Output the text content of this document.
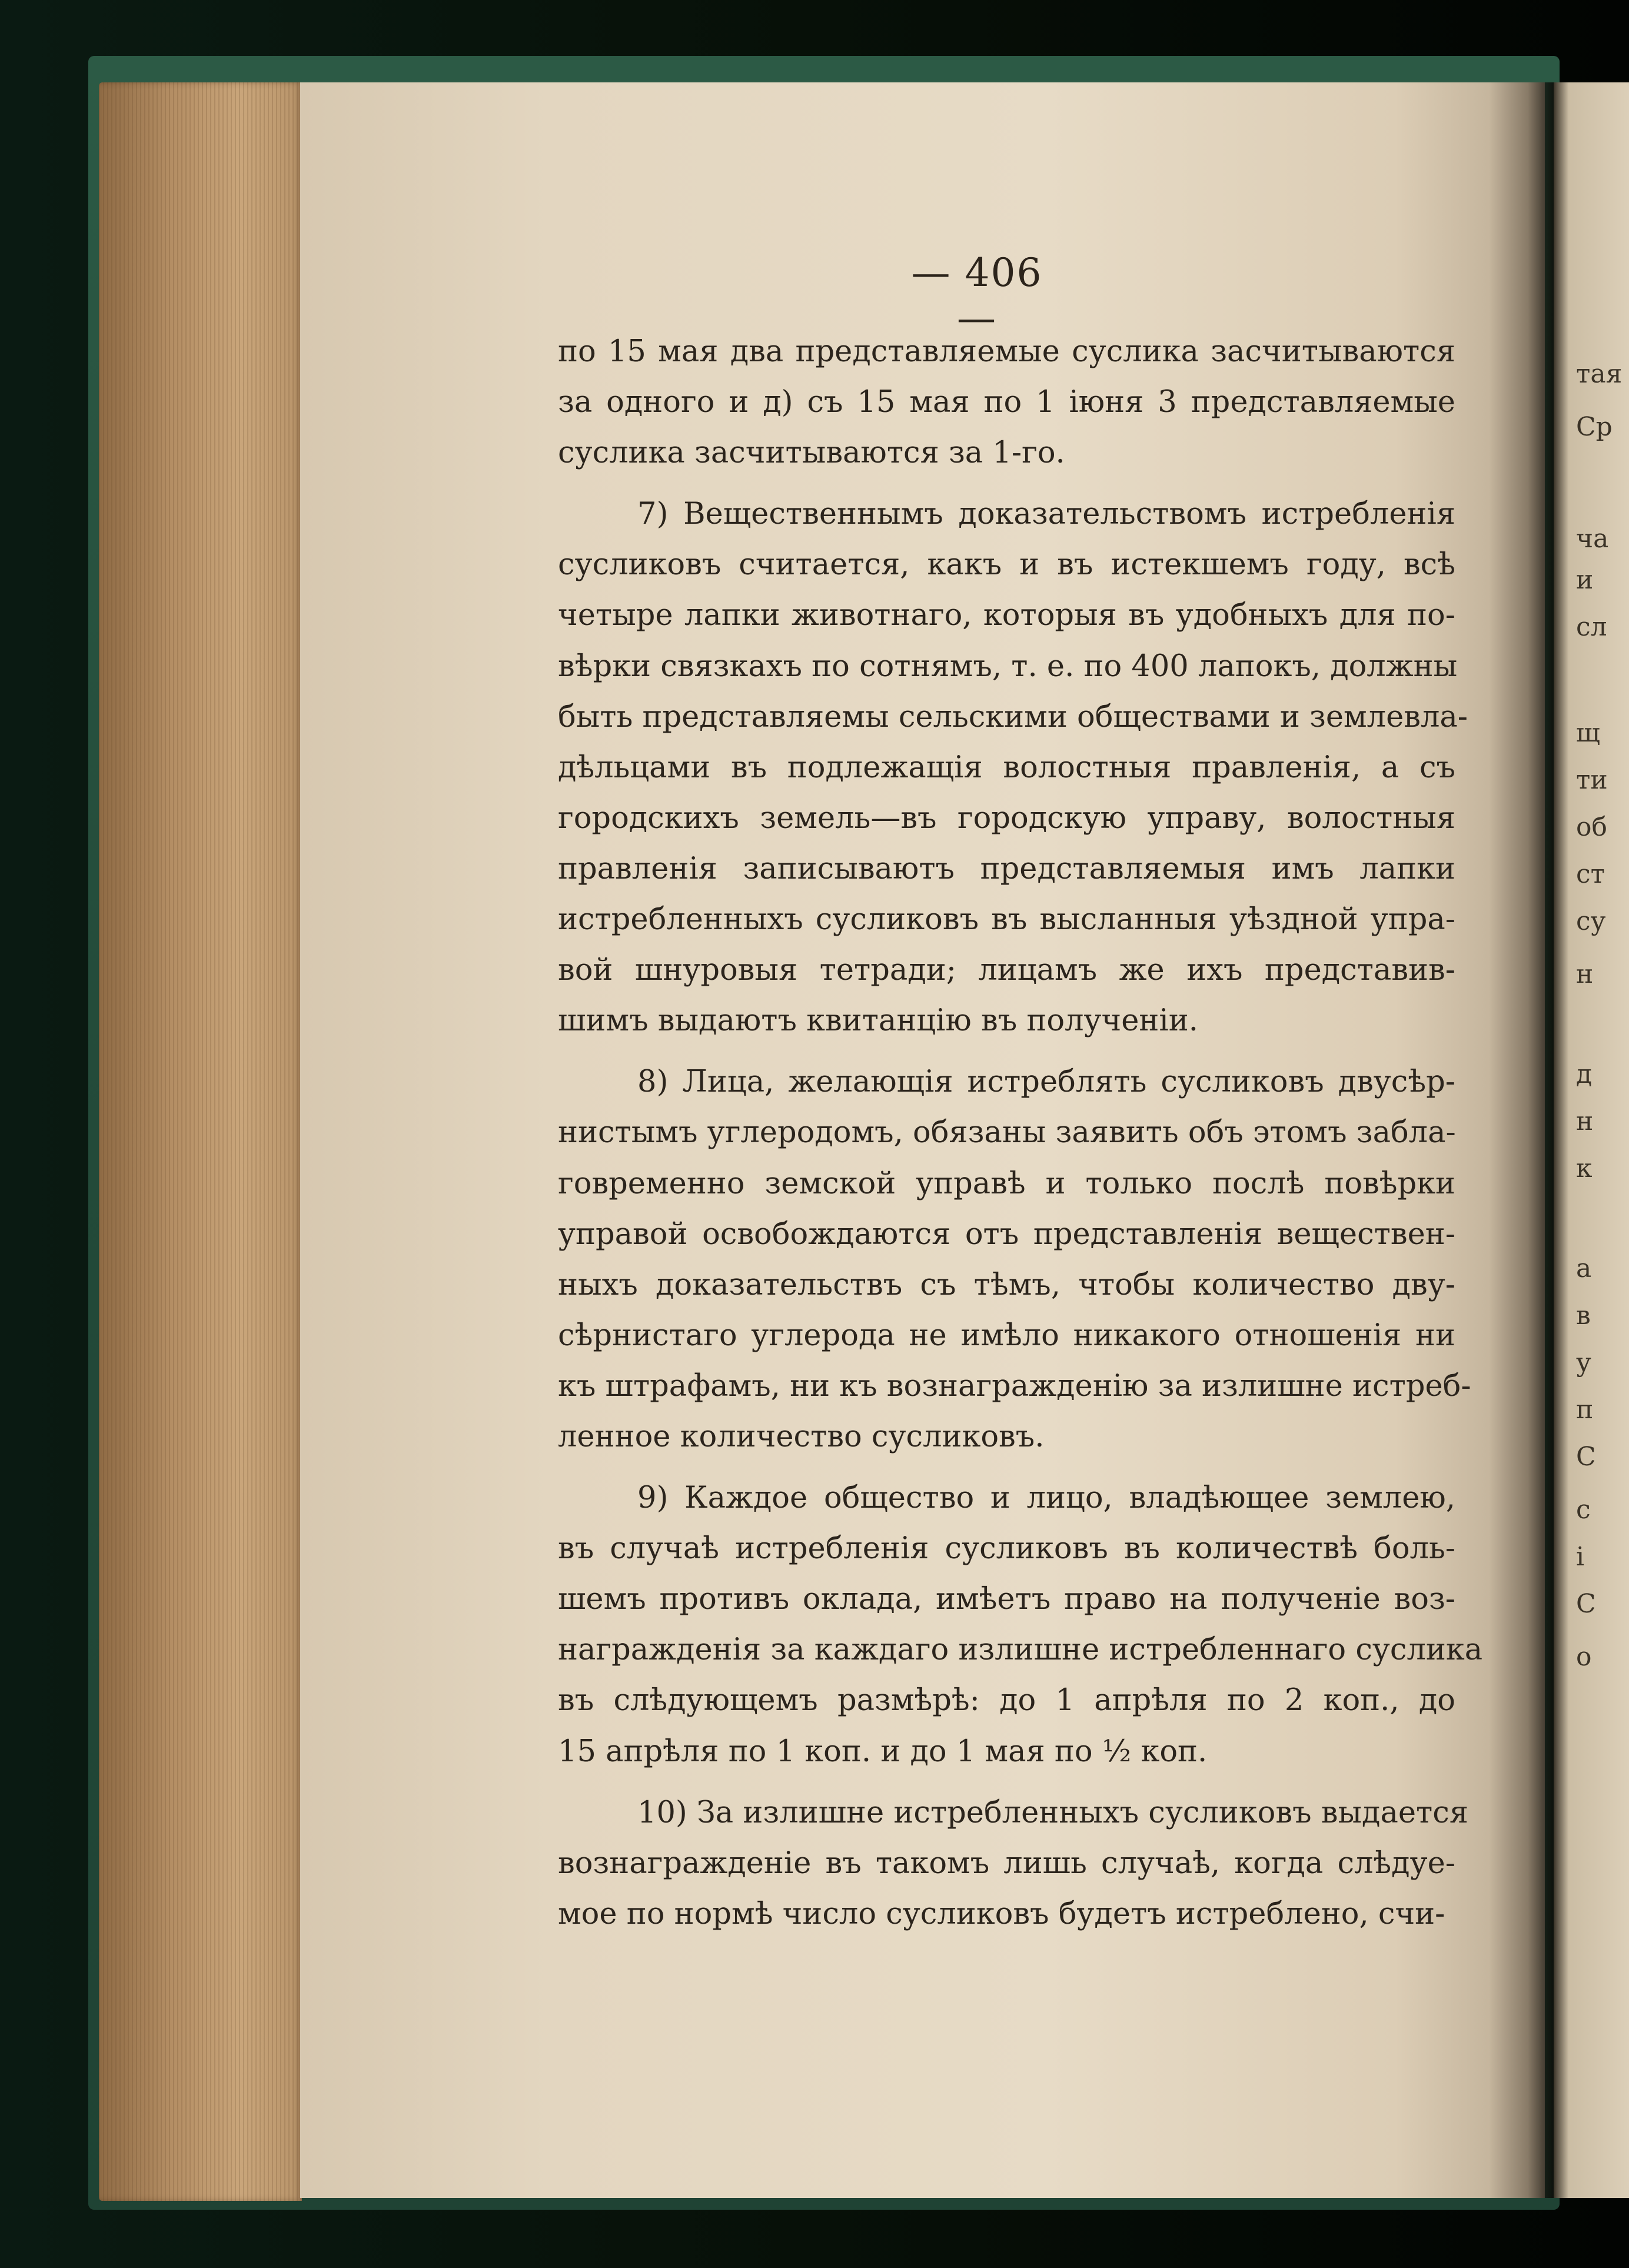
тая
Ср
ча
и
сл
щ
ти
об
ст
су
н
д
н
к
а
в
у
п
С
с
і
С
о
— 406 —
по 15 мая два представляемые суслика засчитываются
за одного и д) съ 15 мая по 1 iюня 3 представляемые
суслика засчитываются за 1-го.
7) Вещественнымъ доказательствомъ истребленiя
сусликовъ считается, какъ и въ истекшемъ году, всѣ
четыре лапки животнаго, которыя въ удобныхъ для по-
вѣрки связкахъ по сотнямъ, т. е. по 400 лапокъ, должны
быть представляемы сельскими обществами и землевла-
дѣльцами въ подлежащiя волостныя правленiя, а съ
городскихъ земель—въ городскую управу, волостныя
правленiя записываютъ представляемыя имъ лапки
истребленныхъ сусликовъ въ высланныя уѣздной упра-
вой шнуровыя тетради; лицамъ же ихъ представив-
шимъ выдаютъ квитанцiю въ полученiи.
8) Лица, желающiя истреблять сусликовъ двусѣр-
нистымъ углеродомъ, обязаны заявить объ этомъ забла-
говременно земской управѣ и только послѣ повѣрки
управой освобождаются отъ представленiя веществен-
ныхъ доказательствъ съ тѣмъ, чтобы количество дву-
сѣрнистаго углерода не имѣло никакого отношенiя ни
къ штрафамъ, ни къ вознагражденiю за излишне истреб-
ленное количество сусликовъ.
9) Каждое общество и лицо, владѣющее землею,
въ случаѣ истребленiя сусликовъ въ количествѣ боль-
шемъ противъ оклада, имѣетъ право на полученiе воз-
награжденiя за каждаго излишне истребленнаго суслика
въ слѣдующемъ размѣрѣ: до 1 апрѣля по 2 коп., до
15 апрѣля по 1 коп. и до 1 мая по ½ коп.
10) За излишне истребленныхъ сусликовъ выдается
вознагражденiе въ такомъ лишь случаѣ, когда слѣдуе-
мое по нормѣ число сусликовъ будетъ истреблено, счи-
